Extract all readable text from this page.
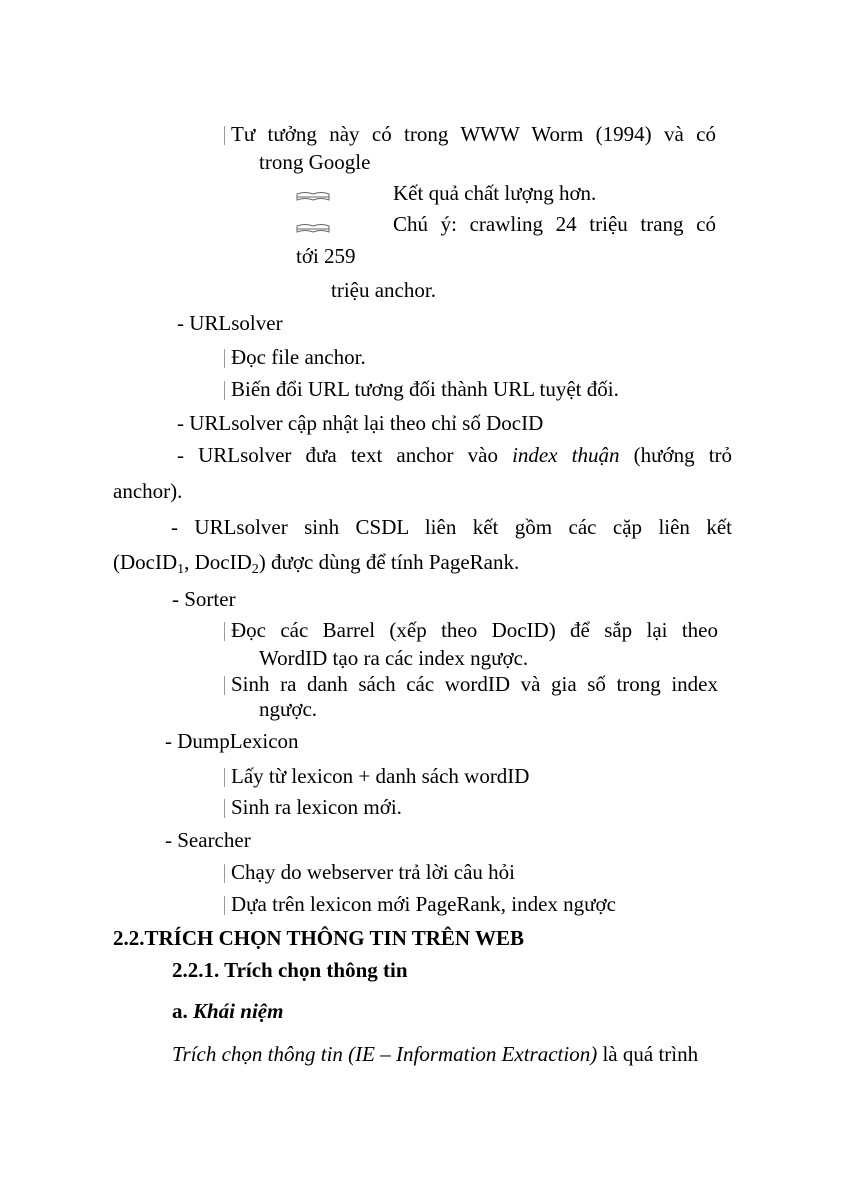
Tư tưởng này có trong WWW Worm (1994) và có
trong Google
Kết quả chất lượng hơn.
Chú ý: crawling 24 triệu trang có
tới 259
triệu anchor.
- URLsolver
Đọc file anchor.
Biến đổi URL tương đối thành URL tuyệt đối.
- URLsolver cập nhật lại theo chỉ số DocID
- URLsolver đưa text anchor vào index thuận (hướng trỏ
anchor).
- URLsolver sinh CSDL liên kết gồm các cặp liên kết
(DocID$_1$, DocID$_2$) được dùng để tính PageRank.
- Sorter
Đọc các Barrel (xếp theo DocID) để sắp lại theo
WordID tạo ra các index ngược.
Sinh ra danh sách các wordID và gia số trong index
ngược.
- DumpLexicon
Lấy từ lexicon + danh sách wordID
Sinh ra lexicon mới.
- Searcher
Chạy do webserver trả lời câu hỏi
Dựa trên lexicon mới PageRank, index ngược
2.2.TRÍCH CHỌN THÔNG TIN TRÊN WEB
2.2.1. Trích chọn thông tin
a. Khái niệm
Trích chọn thông tin (IE – Information Extraction) là quá trình
